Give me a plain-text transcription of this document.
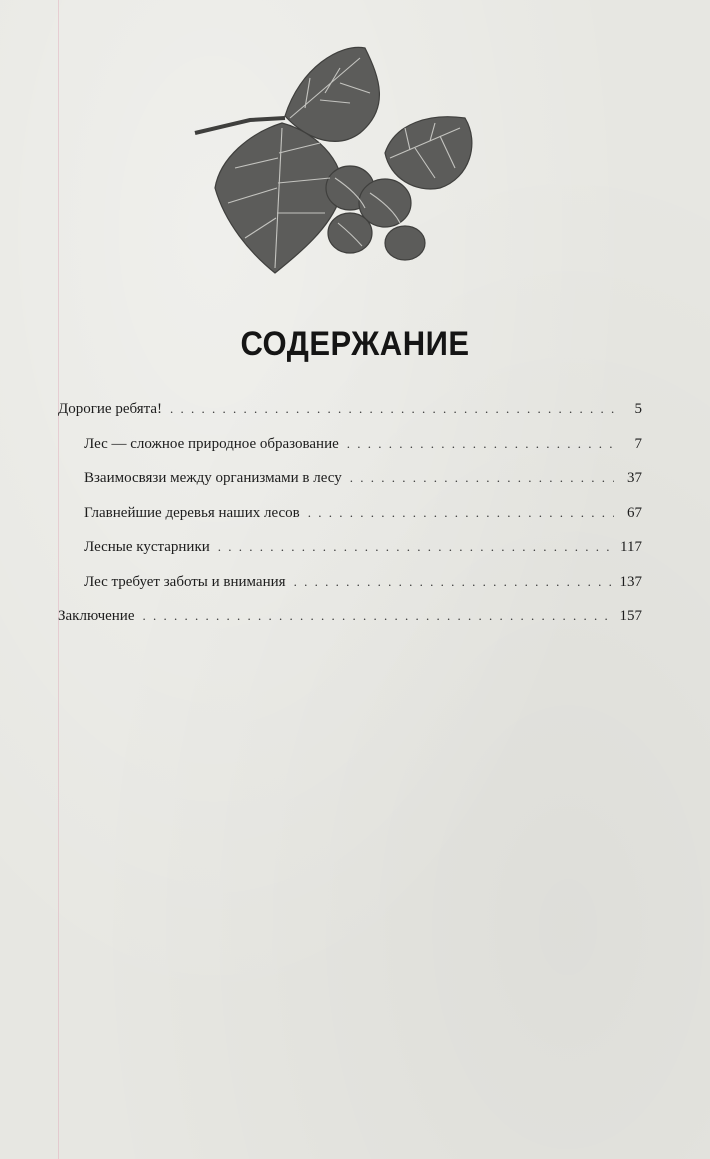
СОДЕРЖАНИЕ
Дорогие ребята! . . .	5
Лес — сложное природное образование . . .	7
Взаимосвязи между организмами в лесу . . .	37
Главнейшие деревья наших лесов . . .	67
Лесные кустарники . . .	117
Лес требует заботы и внимания . . .	137
Заключение . . .	157
